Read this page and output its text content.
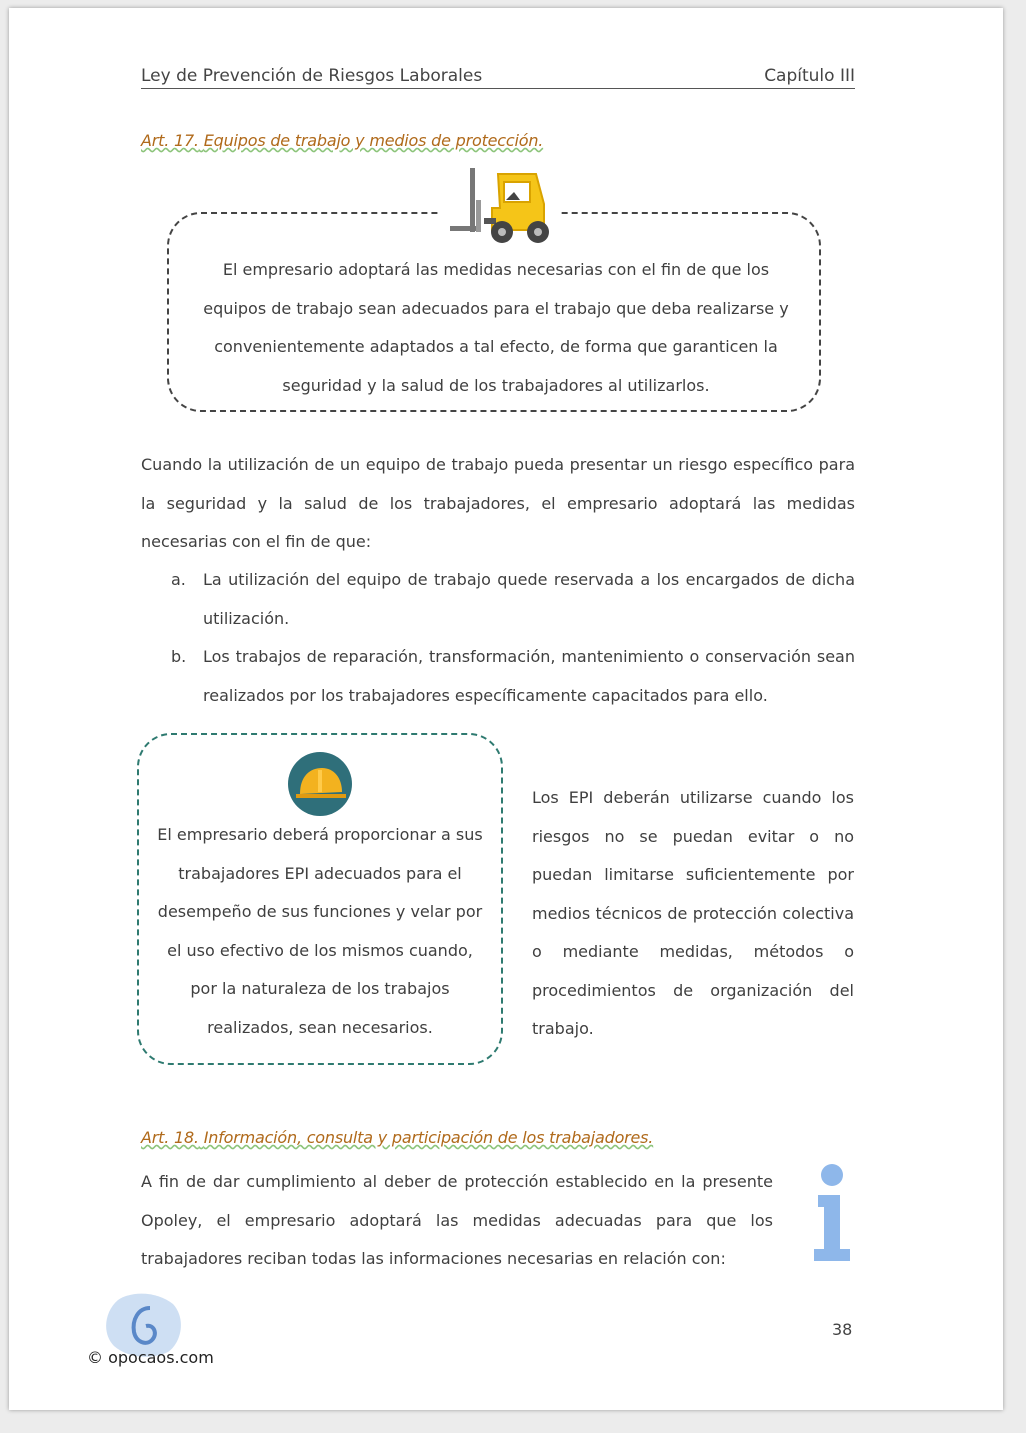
Ley de Prevención de Riesgos Laborales	Capítulo III
Art. 17. Equipos de trabajo y medios de protección.
El empresario adoptará las medidas necesarias con el fin de que los equipos de trabajo sean adecuados para el trabajo que deba realizarse y convenientemente adaptados a tal efecto, de forma que garanticen la seguridad y la salud de los trabajadores al utilizarlos.
Cuando la utilización de un equipo de trabajo pueda presentar un riesgo específico para la seguridad y la salud de los trabajadores, el empresario adoptará las medidas necesarias con el fin de que:
a. La utilización del equipo de trabajo quede reservada a los encargados de dicha utilización.
b. Los trabajos de reparación, transformación, mantenimiento o conservación sean realizados por los trabajadores específicamente capacitados para ello.
El empresario deberá proporcionar a sus trabajadores EPI adecuados para el desempeño de sus funciones y velar por el uso efectivo de los mismos cuando, por la naturaleza de los trabajos realizados, sean necesarios.
Los EPI deberán utilizarse cuando los riesgos no se puedan evitar o no puedan limitarse suficientemente por medios técnicos de protección colectiva o mediante medidas, métodos o procedimientos de organización del trabajo.
Art. 18. Información, consulta y participación de los trabajadores.
A fin de dar cumplimiento al deber de protección establecido en la presente Opoley, el empresario adoptará las medidas adecuadas para que los trabajadores reciban todas las informaciones necesarias en relación con:
38
© opocaos.com
